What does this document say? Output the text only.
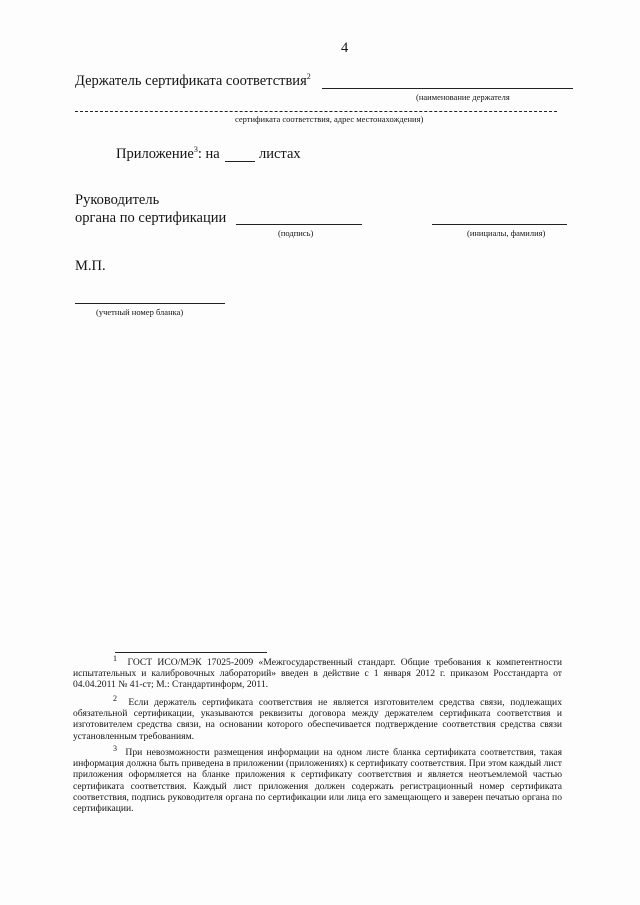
4
Держатель сертификата соответствия$^2$
(наименование держателя
сертификата соответствия, адрес местонахождения)
Приложение$^3$: на	листах
Руководитель
органа по сертификации
(подпись)	(инициалы, фамилия)
М.П.
(учетный номер бланка)
$^1$ ГОСТ ИСО/МЭК 17025-2009 «Межгосударственный стандарт. Общие требования к компетентности испытательных и калибровочных лабораторий» введен в действие с 1 января 2012 г. приказом Росстандарта от 04.04.2011 № 41-ст; М.: Стандартинформ, 2011.
$^2$ Если держатель сертификата соответствия не является изготовителем средства связи, подлежащих обязательной сертификации, указываются реквизиты договора между держателем сертификата соответствия и изготовителем средства связи, на основании которого обеспечивается подтверждение соответствия средства связи установленным требованиям.
$^3$ При невозможности размещения информации на одном листе бланка сертификата соответствия, такая информация должна быть приведена в приложении (приложениях) к сертификату соответствия. При этом каждый лист приложения оформляется на бланке приложения к сертификату соответствия и является неотъемлемой частью сертификата соответствия. Каждый лист приложения должен содержать регистрационный номер сертификата соответствия, подпись руководителя органа по сертификации или лица его замещающего и заверен печатью органа по сертификации.
